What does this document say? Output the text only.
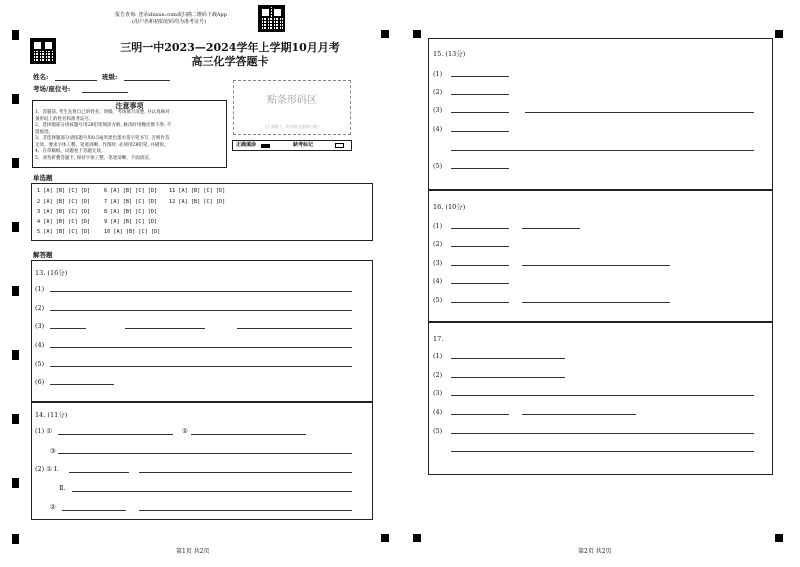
报告查询: 登录zhixue.com或扫描二维码下载App
(用户名和初始密码均为准考证号)
三明一中2023—2024学年上学期10月月考
高三化学答题卡
姓名:	班级:
考场/座位号:
贴条形码区
(正面朝上, 切勿贴出虚线方框)
正确填涂	缺考标记
注意事项
1、答题前, 考生先将自己的姓名、班级、考场填写清楚, 并认真核对
条形码上的姓名和准考证号。
2、选择题部分请按题号用2B铅笔填涂方框, 修改时用橡皮擦干净, 不
留痕迹。
3、非选择题部分请按题号用0.5毫米黑色墨水签字笔书写, 否则作答
无效。要求字体工整、笔迹清晰。作图时, 必须用2B铅笔, 并描浓。
4、在草稿纸、试题卷上答题无效。
5、请勿折叠答题卡, 保持字体工整、笔迹清晰、卡面清洁。
单选题
1 [A] [B] [C] [D]	6 [A] [B] [C] [D] 11 [A] [B] [C] [D]
2 [A] [B] [C] [D]	7 [A] [B] [C] [D] 12 [A] [B] [C] [D]
3 [A] [B] [C] [D]	8 [A] [B] [C] [D]
4 [A] [B] [C] [D]	9 [A] [B] [C] [D]
5 [A] [B] [C] [D]	10 [A] [B] [C] [D]
解答题
13. (16分)
(1)
(2)
(3)
(4)
(5)
(6)
14. (11分)
(1) ①	②
③
(2) ① Ⅰ.
Ⅱ.
②
15. (13分)
(1)
(2)
(3)
(4)
(5)
16. (10分)
(1)
(2)
(3)
(4)
(5)
17.
(1)
(2)
(3)
(4)
(5)
第1页 共2页	第2页 共2页
